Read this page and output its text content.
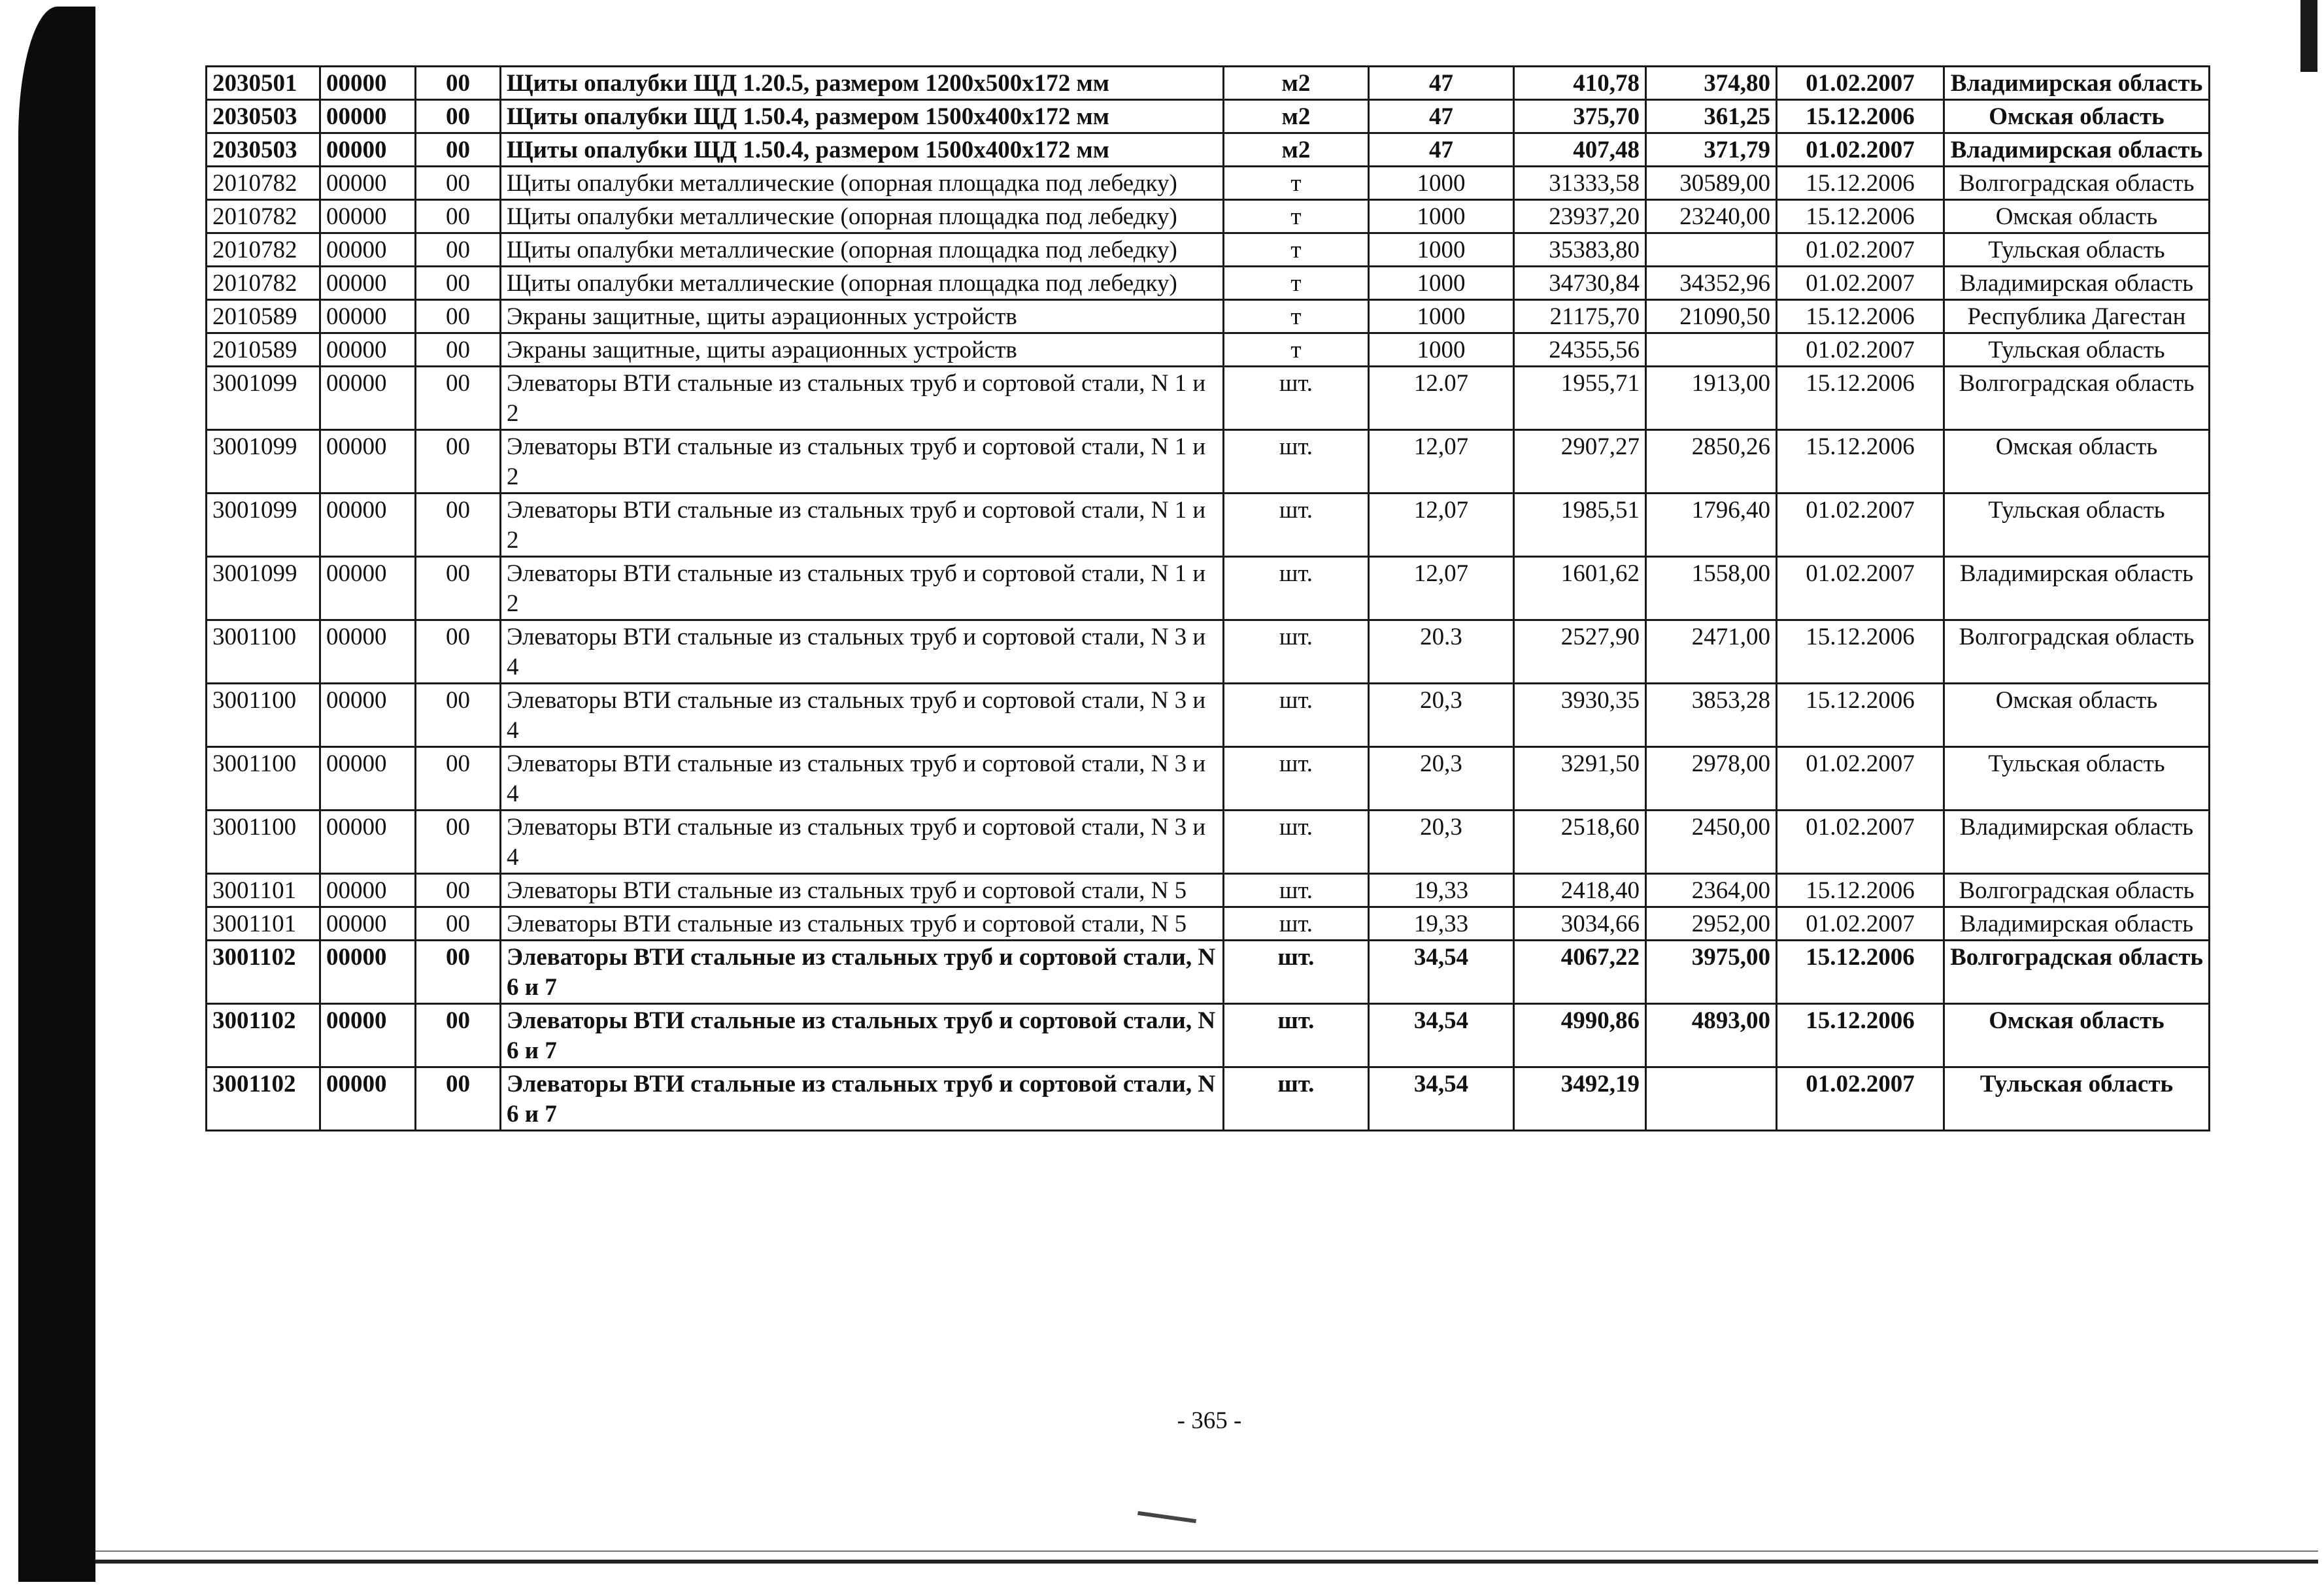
2030501	00000	00	Щиты опалубки ЩД 1.20.5, размером 1200х500х172 мм	м2	47	410,78	374,80	01.02.2007	Владимирская область
2030503	00000	00	Щиты опалубки ЩД 1.50.4, размером 1500х400х172 мм	м2	47	375,70	361,25	15.12.2006	Омская область
2030503	00000	00	Щиты опалубки ЩД 1.50.4, размером 1500х400х172 мм	м2	47	407,48	371,79	01.02.2007	Владимирская область
2010782	00000	00	Щиты опалубки металлические (опорная площадка под лебедку)	т	1000	31333,58	30589,00	15.12.2006	Волгоградская область
2010782	00000	00	Щиты опалубки металлические (опорная площадка под лебедку)	т	1000	23937,20	23240,00	15.12.2006	Омская область
2010782	00000	00	Щиты опалубки металлические (опорная площадка под лебедку)	т	1000	35383,80		01.02.2007	Тульская область
2010782	00000	00	Щиты опалубки металлические (опорная площадка под лебедку)	т	1000	34730,84	34352,96	01.02.2007	Владимирская область
2010589	00000	00	Экраны защитные, щиты аэрационных устройств	т	1000	21175,70	21090,50	15.12.2006	Республика Дагестан
2010589	00000	00	Экраны защитные, щиты аэрационных устройств	т	1000	24355,56		01.02.2007	Тульская область
3001099	00000	00	Элеваторы ВТИ стальные из стальных труб и сортовой стали, N 1 и 2	шт.	12.07	1955,71	1913,00	15.12.2006	Волгоградская область
3001099	00000	00	Элеваторы ВТИ стальные из стальных труб и сортовой стали, N 1 и 2	шт.	12,07	2907,27	2850,26	15.12.2006	Омская область
3001099	00000	00	Элеваторы ВТИ стальные из стальных труб и сортовой стали, N 1 и 2	шт.	12,07	1985,51	1796,40	01.02.2007	Тульская область
3001099	00000	00	Элеваторы ВТИ стальные из стальных труб и сортовой стали, N 1 и 2	шт.	12,07	1601,62	1558,00	01.02.2007	Владимирская область
3001100	00000	00	Элеваторы ВТИ стальные из стальных труб и сортовой стали, N 3 и 4	шт.	20.3	2527,90	2471,00	15.12.2006	Волгоградская область
3001100	00000	00	Элеваторы ВТИ стальные из стальных труб и сортовой стали, N 3 и 4	шт.	20,3	3930,35	3853,28	15.12.2006	Омская область
3001100	00000	00	Элеваторы ВТИ стальные из стальных труб и сортовой стали, N 3 и 4	шт.	20,3	3291,50	2978,00	01.02.2007	Тульская область
3001100	00000	00	Элеваторы ВТИ стальные из стальных труб и сортовой стали, N 3 и 4	шт.	20,3	2518,60	2450,00	01.02.2007	Владимирская область
3001101	00000	00	Элеваторы ВТИ стальные из стальных труб и сортовой стали, N 5	шт.	19,33	2418,40	2364,00	15.12.2006	Волгоградская область
3001101	00000	00	Элеваторы ВТИ стальные из стальных труб и сортовой стали, N 5	шт.	19,33	3034,66	2952,00	01.02.2007	Владимирская область
3001102	00000	00	Элеваторы ВТИ стальные из стальных труб и сортовой стали, N 6 и 7	шт.	34,54	4067,22	3975,00	15.12.2006	Волгоградская область
3001102	00000	00	Элеваторы ВТИ стальные из стальных труб и сортовой стали, N 6 и 7	шт.	34,54	4990,86	4893,00	15.12.2006	Омская область
3001102	00000	00	Элеваторы ВТИ стальные из стальных труб и сортовой стали, N 6 и 7	шт.	34,54	3492,19		01.02.2007	Тульская область
- 365 -
